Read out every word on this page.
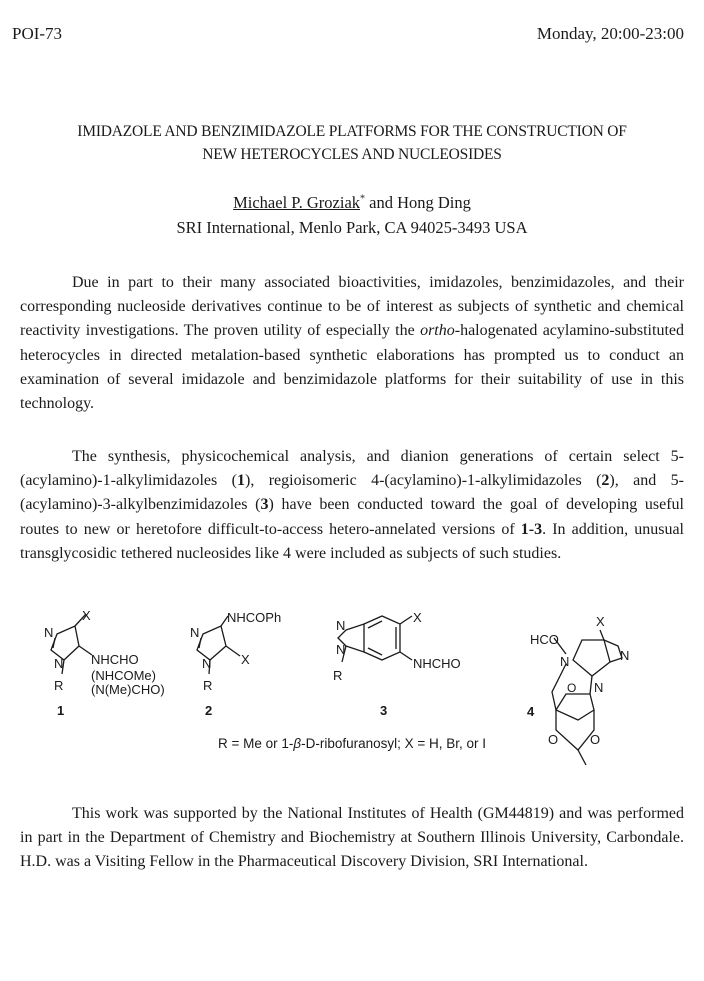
POI-73	Monday, 20:00-23:00
IMIDAZOLE AND BENZIMIDAZOLE PLATFORMS FOR THE CONSTRUCTION OF
NEW HETEROCYCLES AND NUCLEOSIDES
Michael P. Groziak* and Hong Ding
SRI International, Menlo Park, CA 94025-3493 USA

Due in part to their many associated bioactivities, imidazoles, benzimidazoles, and their corresponding nucleoside derivatives continue to be of interest as subjects of synthetic and chemical reactivity investigations. The proven utility of especially the ortho-halogenated acylamino-substituted heterocycles in directed metalation-based synthetic elaborations has prompted us to conduct an examination of several imidazole and benzimidazole platforms for their suitability of use in this technology.

The synthesis, physicochemical analysis, and dianion generations of certain select 5-(acylamino)-1-alkylimidazoles (1), regioisomeric 4-(acylamino)-1-alkylimidazoles (2), and 5-(acylamino)-3-alkylbenzimidazoles (3) have been conducted toward the goal of developing useful routes to new or heretofore difficult-to-access hetero-annelated versions of 1-3. In addition, unusual transglycosidic tethered nucleosides like 4 were included as subjects of such studies.

X
N
N NHCHO
(NHCOMe)
(N(Me)CHO)
R
1
NHCOPh
N
N X
R
2
N
N
X
NHCHO
R
3
HCO
X
N	N
N
O
O O
4
R = Me or 1-β-D-ribofuranosyl; X = H, Br, or I

This work was supported by the National Institutes of Health (GM44819) and was performed in part in the Department of Chemistry and Biochemistry at Southern Illinois University, Carbondale. H.D. was a Visiting Fellow in the Pharmaceutical Discovery Division, SRI International.
